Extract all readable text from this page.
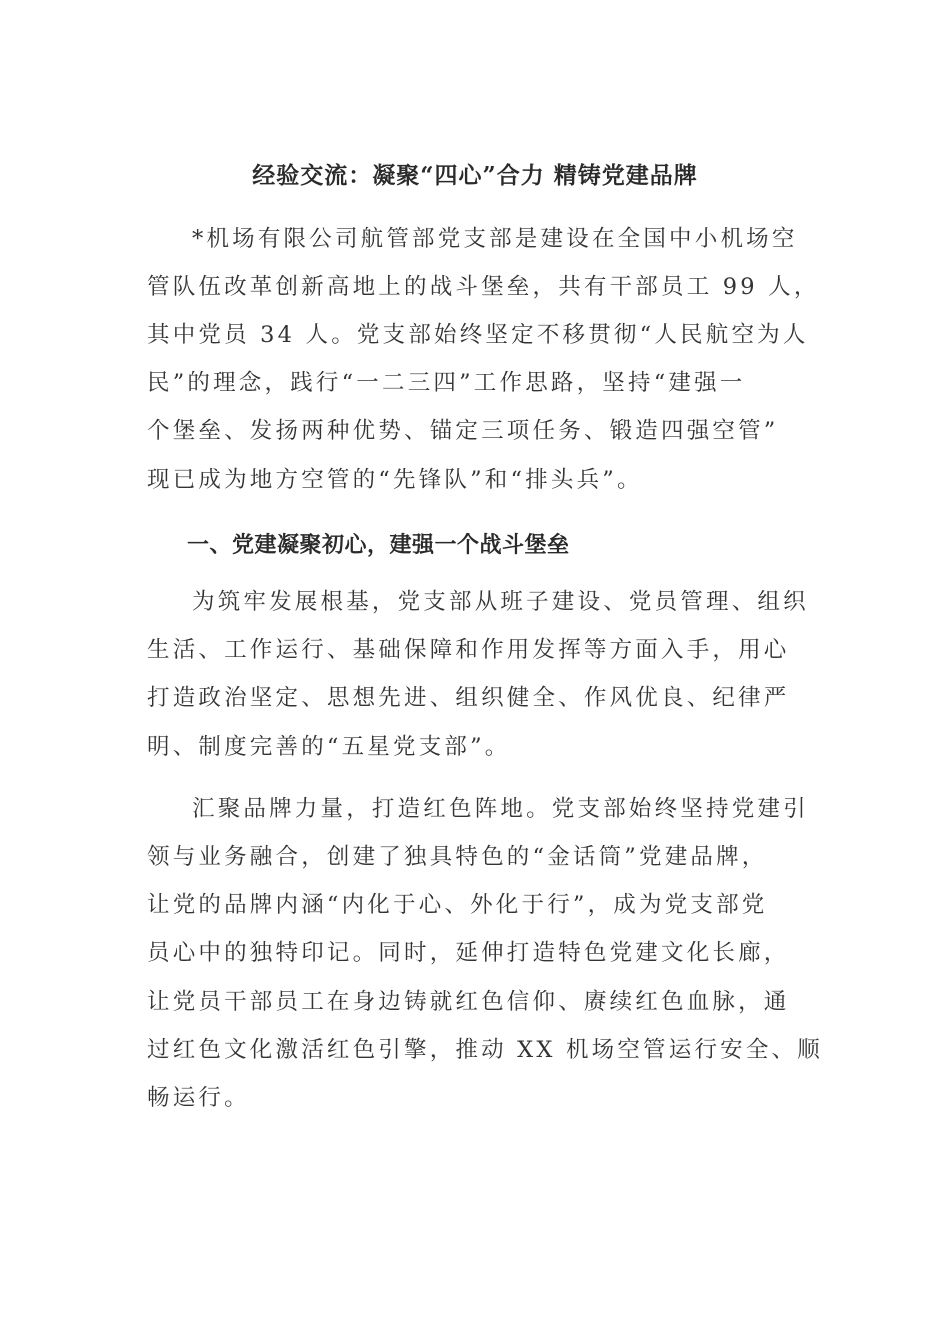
经验交流：凝聚“四心”合力 精铸党建品牌
*机场有限公司航管部党支部是建设在全国中小机场空
管队伍改革创新高地上的战斗堡垒，共有干部员工 99 人，
其中党员 34 人。党支部始终坚定不移贯彻“人民航空为人
民”的理念，践行“一二三四”工作思路，坚持“建强一
个堡垒、发扬两种优势、锚定三项任务、锻造四强空管”
现已成为地方空管的“先锋队”和“排头兵”。
一、党建凝聚初心，建强一个战斗堡垒
为筑牢发展根基，党支部从班子建设、党员管理、组织
生活、工作运行、基础保障和作用发挥等方面入手，用心
打造政治坚定、思想先进、组织健全、作风优良、纪律严
明、制度完善的“五星党支部”。
汇聚品牌力量，打造红色阵地。党支部始终坚持党建引
领与业务融合，创建了独具特色的“金话筒”党建品牌，
让党的品牌内涵“内化于心、外化于行”，成为党支部党
员心中的独特印记。同时，延伸打造特色党建文化长廊，
让党员干部员工在身边铸就红色信仰、赓续红色血脉，通
过红色文化激活红色引擎，推动 XX 机场空管运行安全、顺
畅运行。
